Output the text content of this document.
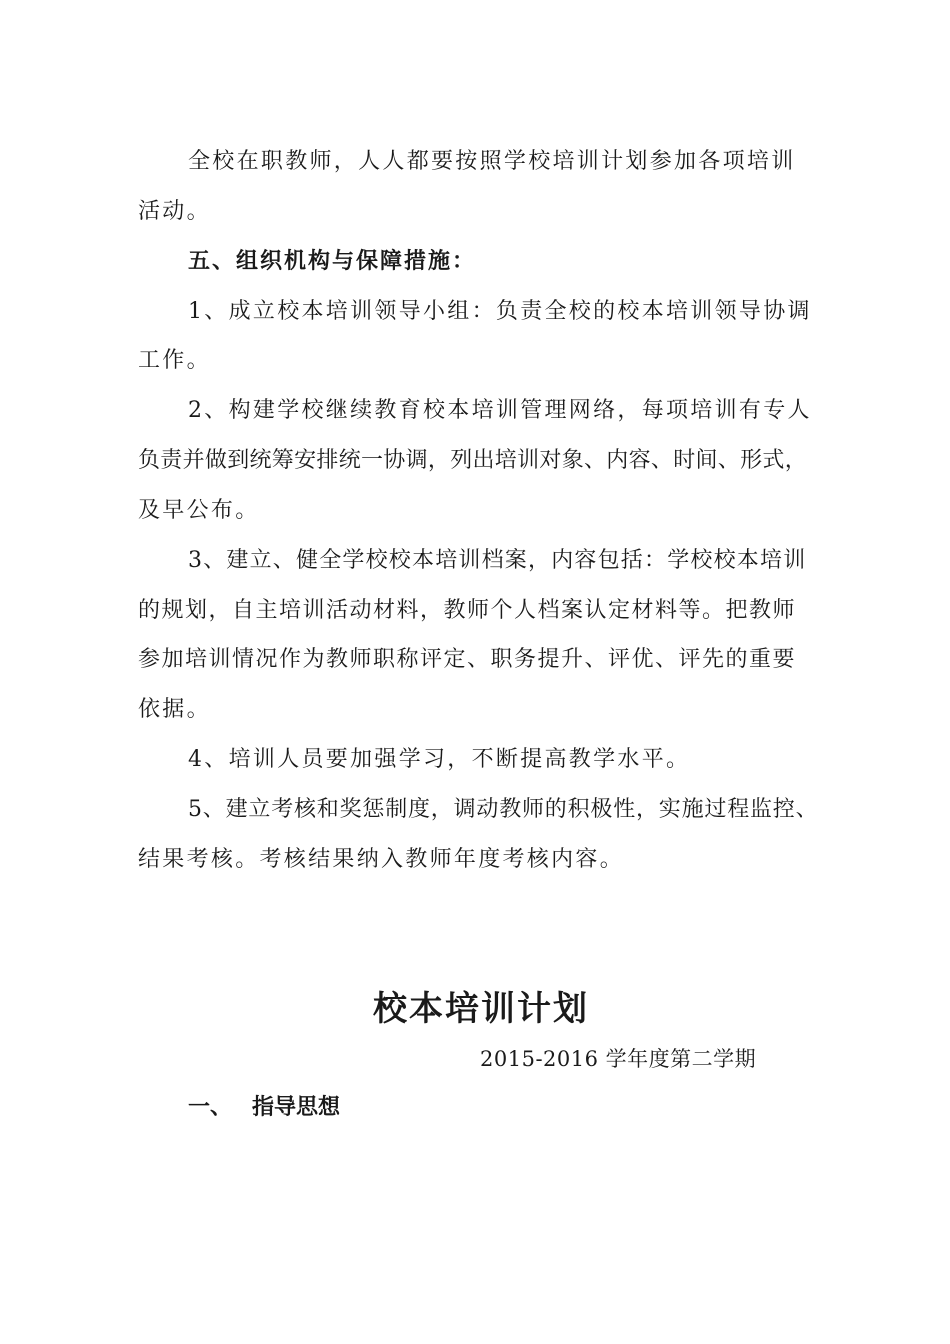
全校在职教师，人人都要按照学校培训计划参加各项培训
活动。
五、组织机构与保障措施：
1、成立校本培训领导小组：负责全校的校本培训领导协调
工作。
2、构建学校继续教育校本培训管理网络，每项培训有专人
负责并做到统筹安排统一协调，列出培训对象、内容、时间、形式，
及早公布。
3、建立、健全学校校本培训档案，内容包括：学校校本培训
的规划，自主培训活动材料，教师个人档案认定材料等。把教师
参加培训情况作为教师职称评定、职务提升、评优、评先的重要
依据。
4、培训人员要加强学习，不断提高教学水平。
5、建立考核和奖惩制度，调动教师的积极性，实施过程监控、
结果考核。考核结果纳入教师年度考核内容。
校本培训计划
2015-2016 学年度第二学期
一、 指导思想
